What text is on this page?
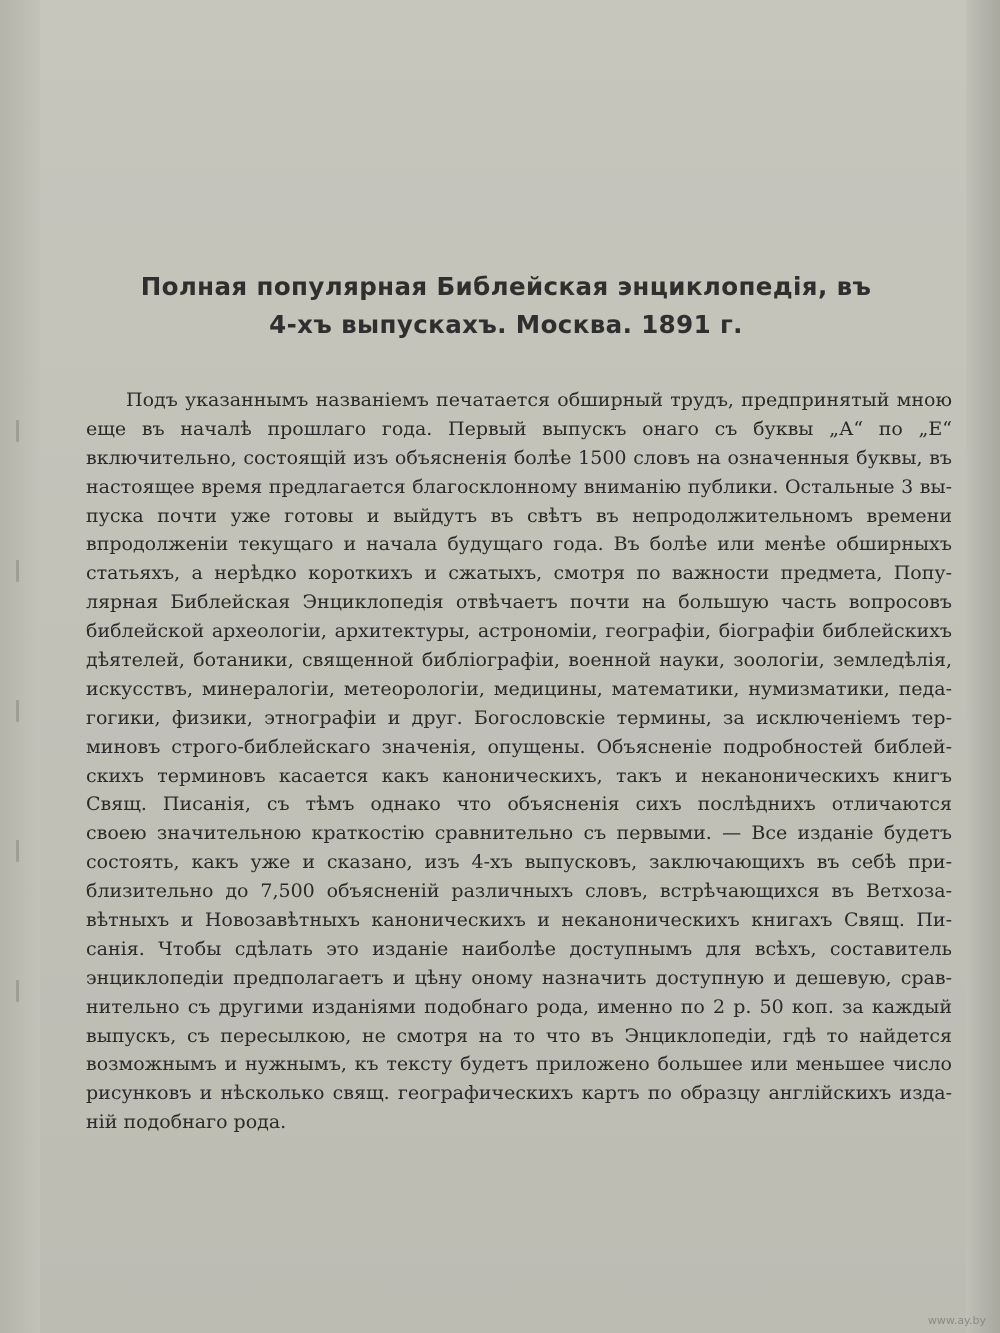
Полная популярная Библейская энциклопедія, въ
4-хъ выпускахъ. Москва. 1891 г.
Подъ указаннымъ названіемъ печатается обширный трудъ, предпринятый мною
еще въ началѣ прошлаго года. Первый выпускъ онаго съ буквы „А“ по „Е“
включительно, состоящій изъ объясненія болѣе 1500 словъ на означенныя буквы, въ
настоящее время предлагается благосклонному вниманію публики. Остальные 3 вы-
пуска почти уже готовы и выйдутъ въ свѣтъ въ непродолжительномъ времени
впродолженіи текущаго и начала будущаго года. Въ болѣе или менѣе обширныхъ
статьяхъ, а нерѣдко короткихъ и сжатыхъ, смотря по важности предмета, Попу-
лярная Библейская Энциклопедія отвѣчаетъ почти на большую часть вопросовъ
библейской археологіи, архитектуры, астрономіи, географіи, біографіи библейскихъ
дѣятелей, ботаники, священной библіографіи, военной науки, зоологіи, земледѣлія,
искусствъ, минералогіи, метеорологіи, медицины, математики, нумизматики, педа-
гогики, физики, этнографіи и друг. Богословскіе термины, за исключеніемъ тер-
миновъ строго-библейскаго значенія, опущены. Объясненіе подробностей библей-
скихъ терминовъ касается какъ каноническихъ, такъ и неканоническихъ книгъ
Свящ. Писанія, съ тѣмъ однако что объясненія сихъ послѣднихъ отличаются
своею значительною краткостію сравнительно съ первыми. — Все изданіе будетъ
состоять, какъ уже и сказано, изъ 4-хъ выпусковъ, заключающихъ въ себѣ при-
близительно до 7,500 объясненій различныхъ словъ, встрѣчающихся въ Ветхоза-
вѣтныхъ и Новозавѣтныхъ каноническихъ и неканоническихъ книгахъ Свящ. Пи-
санія. Чтобы сдѣлать это изданіе наиболѣе доступнымъ для всѣхъ, составитель
энциклопедіи предполагаетъ и цѣну оному назначить доступную и дешевую, срав-
нительно съ другими изданіями подобнаго рода, именно по 2 р. 50 коп. за каждый
выпускъ, съ пересылкою, не смотря на то что въ Энциклопедіи, гдѣ то найдется
возможнымъ и нужнымъ, къ тексту будетъ приложено большее или меньшее число
рисунковъ и нѣсколько свящ. географическихъ картъ по образцу англійскихъ изда-
ній подобнаго рода.
www.ay.by
